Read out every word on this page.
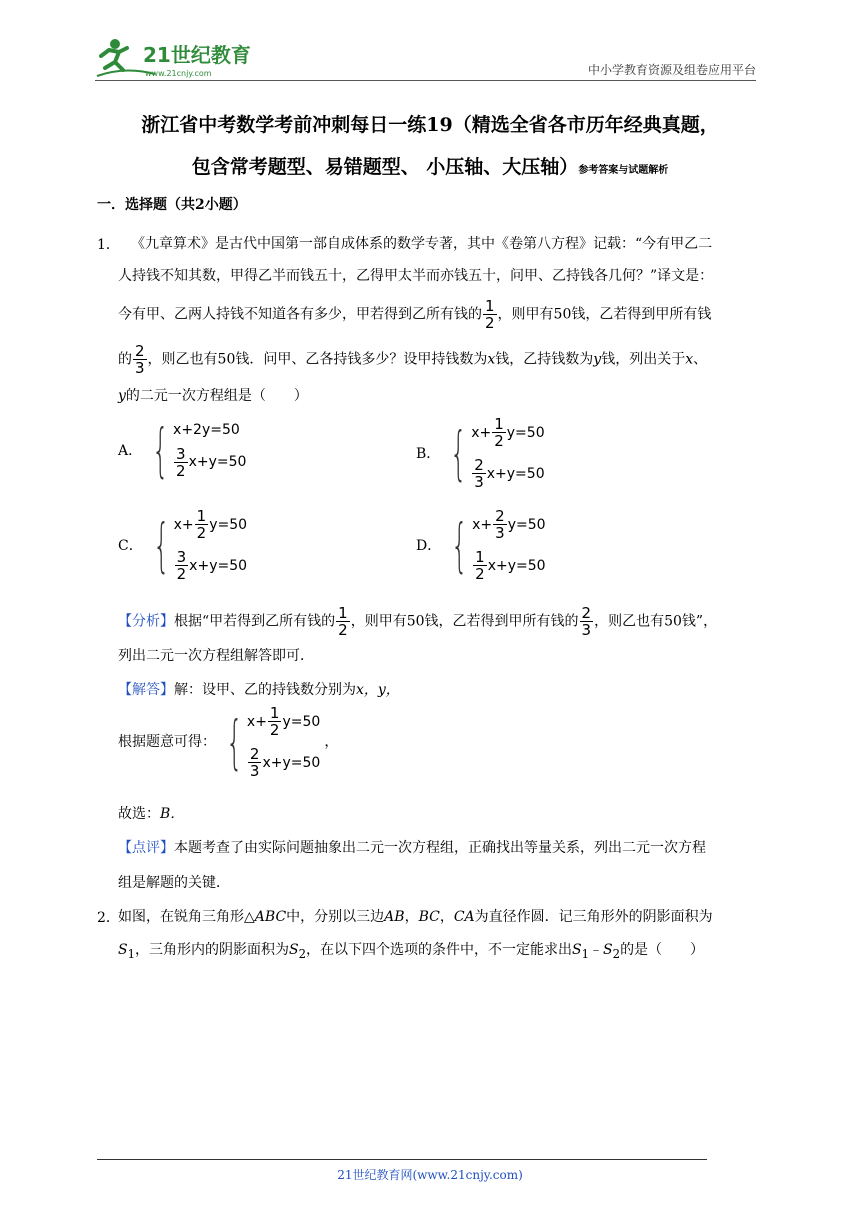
21世纪教育
www.21cnjy.com	中小学教育资源及组卷应用平台
浙江省中考数学考前冲刺每日一练19（精选全省各市历年经典真题，
包含常考题型、易错题型、 小压轴、大压轴）参考答案与试题解析
一．选择题（共2小题）
1． 《九章算术》是古代中国第一部自成体系的数学专著，其中《卷第八方程》记载：“今有甲乙二
人持钱不知其数，甲得乙半而钱五十，乙得甲太半而亦钱五十，问甲、乙持钱各几何？”译文是：
今有甲、乙两人持钱不知道各有多少，甲若得到乙所有钱的 $\frac{1}{2}$ ，则甲有50钱，乙若得到甲所有钱
的 $\frac{2}{3}$ ，则乙也有50钱．问甲、乙各持钱多少？设甲持钱数为x钱，乙持钱数为y钱，列出关于x、
y的二元一次方程组是（　　）
A． { x+2y=50
$\frac{3}{2} x+y=50$	B． { $x+ \frac{1}{2} y=50$
$\frac{2}{3} x+y=50$
C． { $x+ \frac{1}{2} y=50$
$\frac{3}{2} x+y=50$
D． { $x+ \frac{2}{3} y=50$
$\frac{1}{2} x+y=50$
【分析】根据“甲若得到乙所有钱的 $\frac{1}{2}$ ，则甲有50钱，乙若得到甲所有钱的 $\frac{2}{3}$ ，则乙也有50钱”，
列出二元一次方程组解答即可．
【解答】解：设甲、乙的持钱数分别为x，y，
根据题意可得： { $x+ \frac{1}{2} y=50$
$\frac{2}{3} x+y=50$
，
故选：B．
【点评】本题考查了由实际问题抽象出二元一次方程组，正确找出等量关系，列出二元一次方程
组是解题的关键．
2．
如图，在锐角三角形△ABC中，分别以三边AB，BC，CA为直径作圆．记三角形外的阴影面积为
$S_1$，三角形内的阴影面积为$S_2$，在以下四个选项的条件中，不一定能求出$S_1﹣S_2$的是（　　）
21世纪教育网(www.21cnjy.com)
